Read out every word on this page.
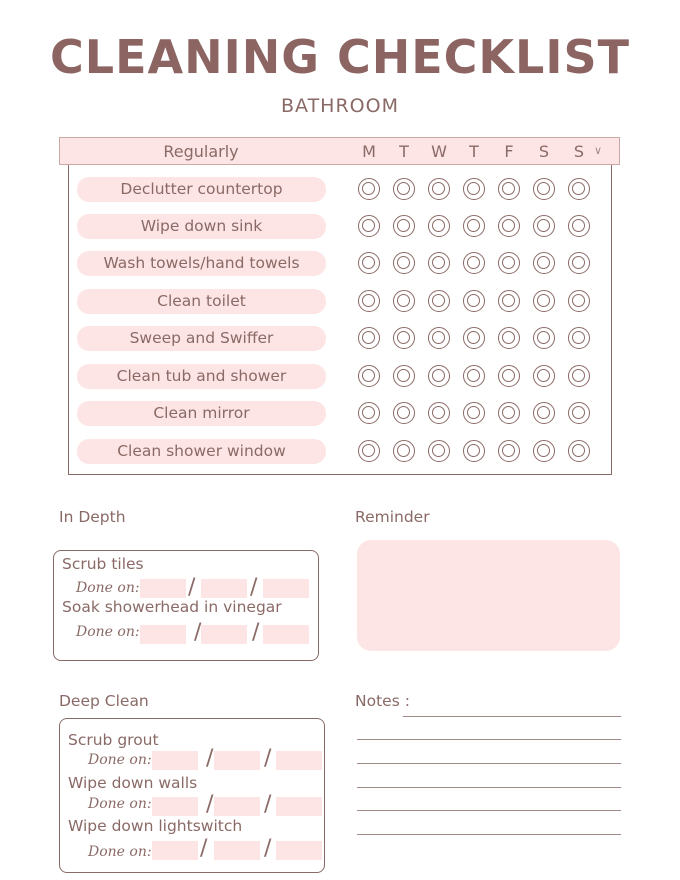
CLEANING CHECKLIST
BATHROOM
Regularly	M	T	W	T	F	S	S ∨
Declutter countertop
Wipe down sink
Wash towels/hand towels
Clean toilet
Sweep and Swiffer
Clean tub and shower
Clean mirror
Clean shower window
In Depth	Reminder
Scrub tiles
Done on: / /
Soak showerhead in vinegar
Done on: / /
Deep Clean	Notes :
Scrub grout
Done on: / /
Wipe down walls
Done on: / /
Wipe down lightswitch
Done on: /	/
